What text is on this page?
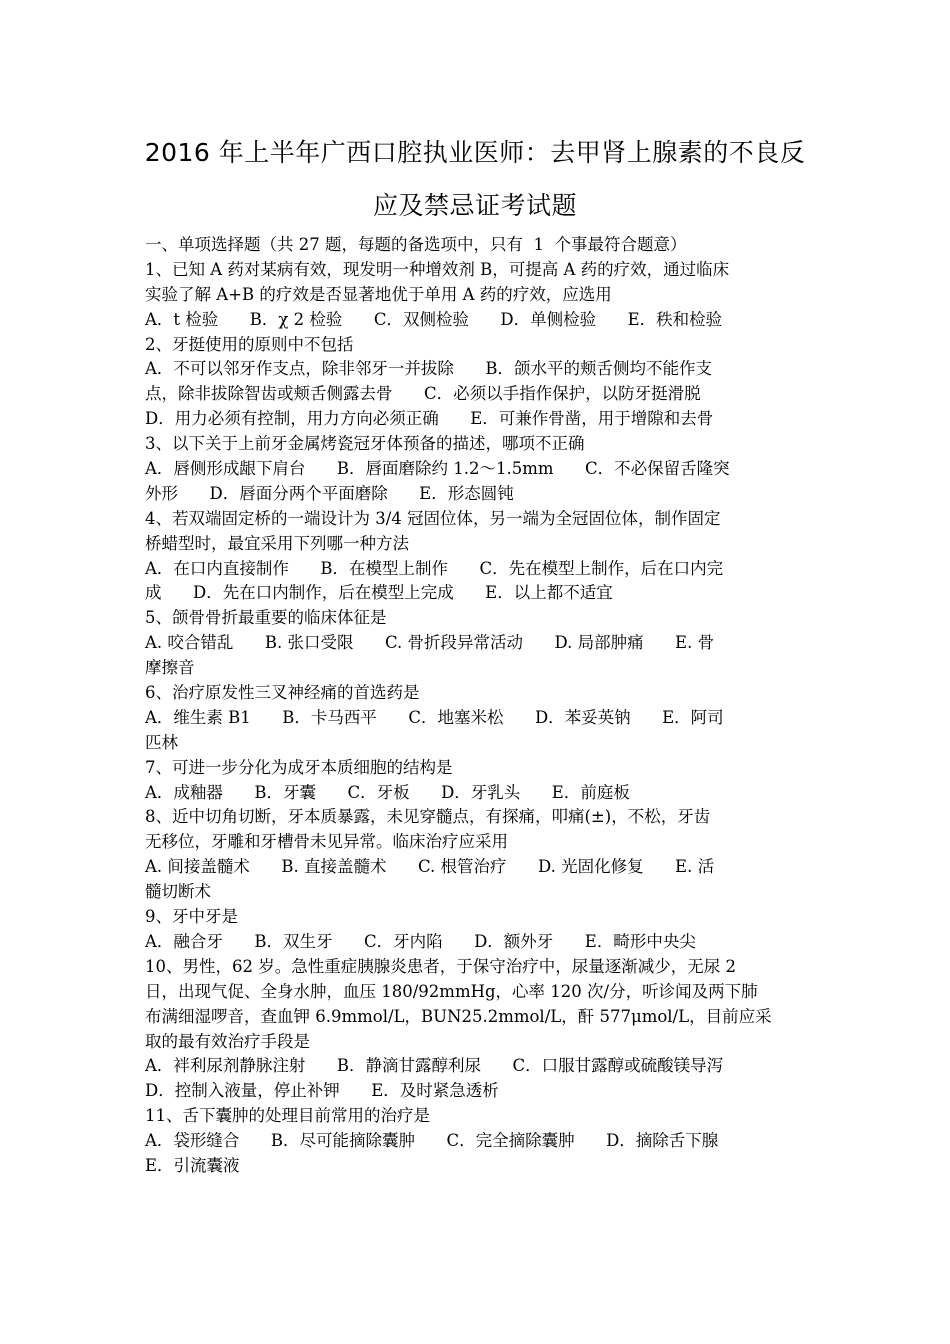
2016 年上半年广西口腔执业医师：去甲肾上腺素的不良反
应及禁忌证考试题
一、单项选择题（共 27 题，每题的备选项中，只有  1  个事最符合题意）
1、已知 A 药对某病有效，现发明一种增效剂 B，可提高 A 药的疗效，通过临床
实验了解 A+B 的疗效是否显著地优于单用 A 药的疗效，应选用
A．t 检验      B．χ 2 检验      C．双侧检验      D．单侧检验      E．秩和检验
2、牙挺使用的原则中不包括
A．不可以邻牙作支点，除非邻牙一并拔除      B．颌水平的颊舌侧均不能作支
点，除非拔除智齿或颊舌侧露去骨      C．必须以手指作保护，以防牙挺滑脱
D．用力必须有控制，用力方向必须正确      E．可兼作骨凿，用于增隙和去骨
3、以下关于上前牙金属烤瓷冠牙体预备的描述，哪项不正确
A．唇侧形成龈下肩台      B．唇面磨除约 1.2～1.5mm      C．不必保留舌隆突
外形      D．唇面分两个平面磨除      E．形态圆钝
4、若双端固定桥的一端设计为 3/4 冠固位体，另一端为全冠固位体，制作固定
桥蜡型时，最宜采用下列哪一种方法
A．在口内直接制作      B．在模型上制作      C．先在模型上制作，后在口内完
成      D．先在口内制作，后在模型上完成      E．以上都不适宜
5、颌骨骨折最重要的临床体征是
A. 咬合错乱      B. 张口受限      C. 骨折段异常活动      D. 局部肿痛      E. 骨
摩擦音
6、治疗原发性三叉神经痛的首选药是
A．维生素 B1      B．卡马西平      C．地塞米松      D．苯妥英钠      E．阿司
匹林
7、可进一步分化为成牙本质细胞的结构是
A．成釉器      B．牙囊      C．牙板      D．牙乳头      E．前庭板
8、近中切角切断，牙本质暴露，未见穿髓点，有探痛，叩痛(±)，不松，牙齿
无移位，牙雕和牙槽骨未见异常。临床治疗应采用
A. 间接盖髓术      B. 直接盖髓术      C. 根管治疗      D. 光固化修复      E. 活
髓切断术
9、牙中牙是
A．融合牙      B．双生牙      C．牙内陷      D．额外牙      E．畸形中央尖
10、男性，62 岁。急性重症胰腺炎患者，于保守治疗中，尿量逐渐减少，无尿 2
日，出现气促、全身水肿，血压 180/92mmHg，心率 120 次/分，听诊闻及两下肺
布满细湿啰音，查血钾 6.9mmol/L，BUN25.2mmol/L，酐 577μmol/L，目前应采
取的最有效治疗手段是
A．袢利尿剂静脉注射      B．静滴甘露醇利尿      C．口服甘露醇或硫酸镁导泻
D．控制入液量，停止补钾      E．及时紧急透析
11、舌下囊肿的处理目前常用的治疗是
A．袋形缝合      B．尽可能摘除囊肿      C．完全摘除囊肿      D．摘除舌下腺
E．引流囊液
